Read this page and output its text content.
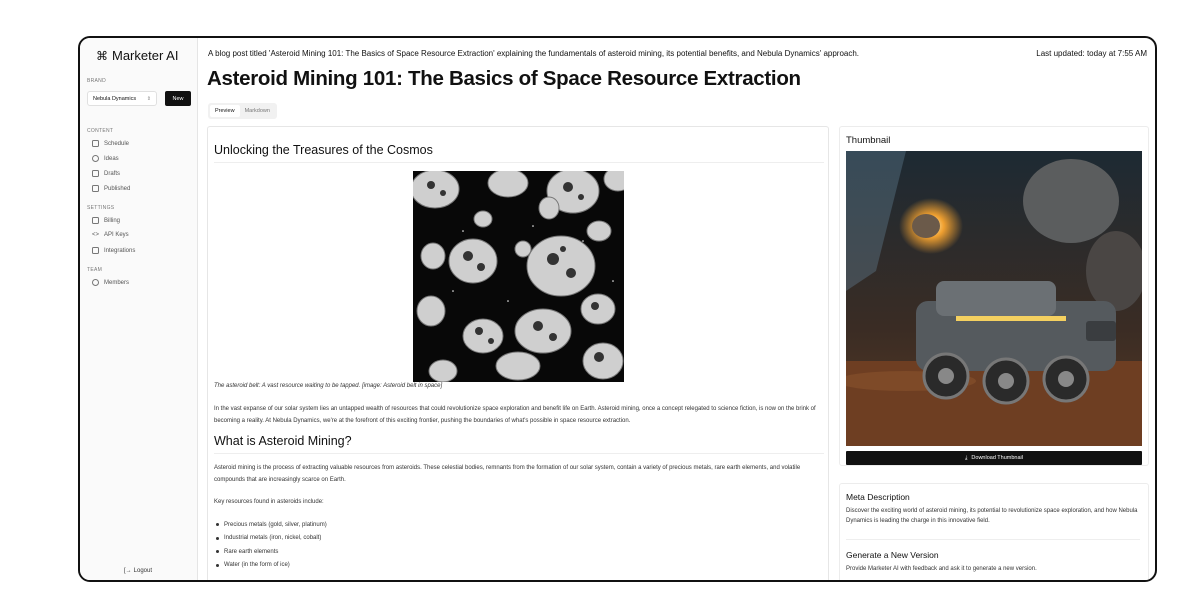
⌘ Marketer AI
BRAND
Nebula Dynamics ⇕	New
CONTENT
Schedule
Ideas
Drafts
Published
SETTINGS
Billing
<> API Keys
Integrations
TEAM
Members
[→ Logout
A blog post titled 'Asteroid Mining 101: The Basics of Space Resource Extraction' explaining the fundamentals of asteroid mining, its potential benefits, and Nebula Dynamics' approach.	Last updated: today at 7:55 AM
Asteroid Mining 101: The Basics of Space Resource Extraction
Preview	Markdown
Unlocking the Treasures of the Cosmos
The asteroid belt: A vast resource waiting to be tapped. [image: Asteroid belt in space]

In the vast expanse of our solar system lies an untapped wealth of resources that could revolutionize space exploration and benefit life on Earth. Asteroid mining, once a concept relegated to science fiction, is now on the brink of becoming a reality. At Nebula Dynamics, we're at the forefront of this exciting frontier, pushing the boundaries of what's possible in space resource extraction.

What is Asteroid Mining?

Asteroid mining is the process of extracting valuable resources from asteroids. These celestial bodies, remnants from the formation of our solar system, contain a variety of precious metals, rare earth elements, and volatile compounds that are increasingly scarce on Earth.

Key resources found in asteroids include:

Precious metals (gold, silver, platinum)
Industrial metals (iron, nickel, cobalt)
Rare earth elements
Water (in the form of ice)
Thumbnail
⤓ Download Thumbnail
Meta Description

Discover the exciting world of asteroid mining, its potential to revolutionize space exploration, and how Nebula Dynamics is leading the charge in this innovative field.

Generate a New Version

Provide Marketer AI with feedback and ask it to generate a new version.
